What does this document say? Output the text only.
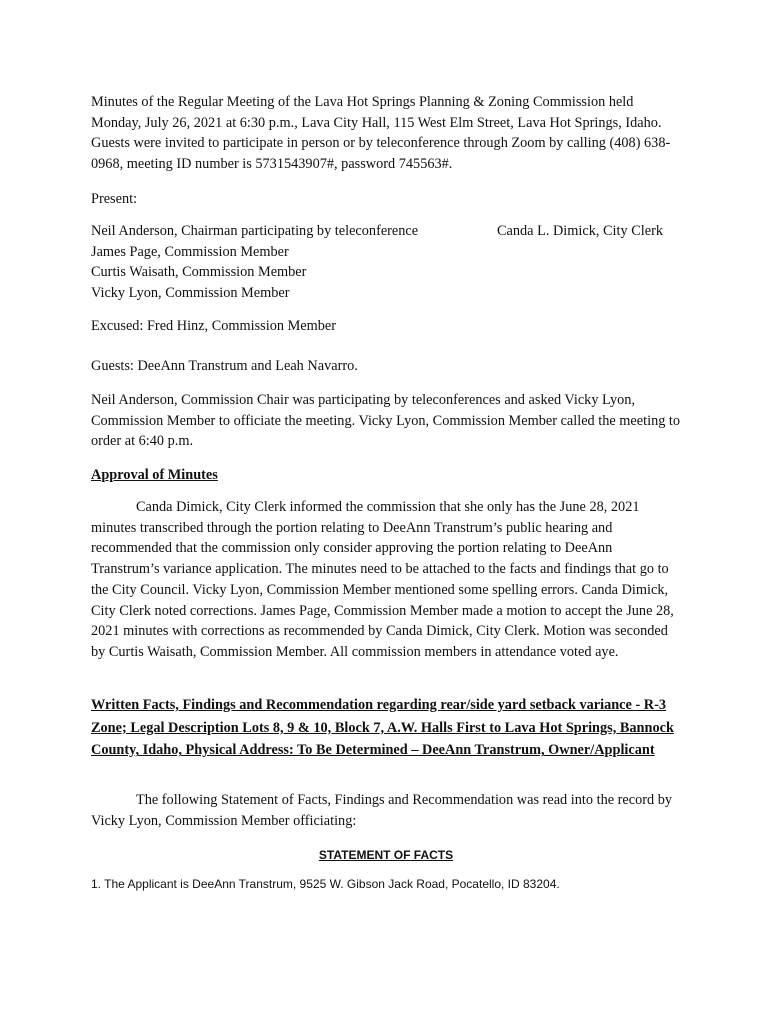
Minutes of the Regular Meeting of the Lava Hot Springs Planning & Zoning Commission held Monday, July 26, 2021 at 6:30 p.m., Lava City Hall, 115 West Elm Street, Lava Hot Springs, Idaho. Guests were invited to participate in person or by teleconference through Zoom by calling (408) 638-0968, meeting ID number is 5731543907#, password 745563#.

Present:

Neil Anderson, Chairman participating by teleconference
James Page, Commission Member
Curtis Waisath, Commission Member
Vicky Lyon, Commission Member
Canda L. Dimick, City Clerk

Excused: Fred Hinz, Commission Member

Guests: DeeAnn Transtrum and Leah Navarro.

Neil Anderson, Commission Chair was participating by teleconferences and asked Vicky Lyon, Commission Member to officiate the meeting. Vicky Lyon, Commission Member called the meeting to order at 6:40 p.m.

Approval of Minutes

Canda Dimick, City Clerk informed the commission that she only has the June 28, 2021 minutes transcribed through the portion relating to DeeAnn Transtrum’s public hearing and recommended that the commission only consider approving the portion relating to DeeAnn Transtrum’s variance application. The minutes need to be attached to the facts and findings that go to the City Council. Vicky Lyon, Commission Member mentioned some spelling errors. Canda Dimick, City Clerk noted corrections. James Page, Commission Member made a motion to accept the June 28, 2021 minutes with corrections as recommended by Canda Dimick, City Clerk. Motion was seconded by Curtis Waisath, Commission Member. All commission members in attendance voted aye.

Written Facts, Findings and Recommendation regarding rear/side yard setback variance - R-3 Zone; Legal Description Lots 8, 9 & 10, Block 7, A.W. Halls First to Lava Hot Springs, Bannock County, Idaho, Physical Address: To Be Determined – DeeAnn Transtrum, Owner/Applicant

The following Statement of Facts, Findings and Recommendation was read into the record by Vicky Lyon, Commission Member officiating:

STATEMENT OF FACTS
1. The Applicant is DeeAnn Transtrum, 9525 W. Gibson Jack Road, Pocatello, ID 83204.
